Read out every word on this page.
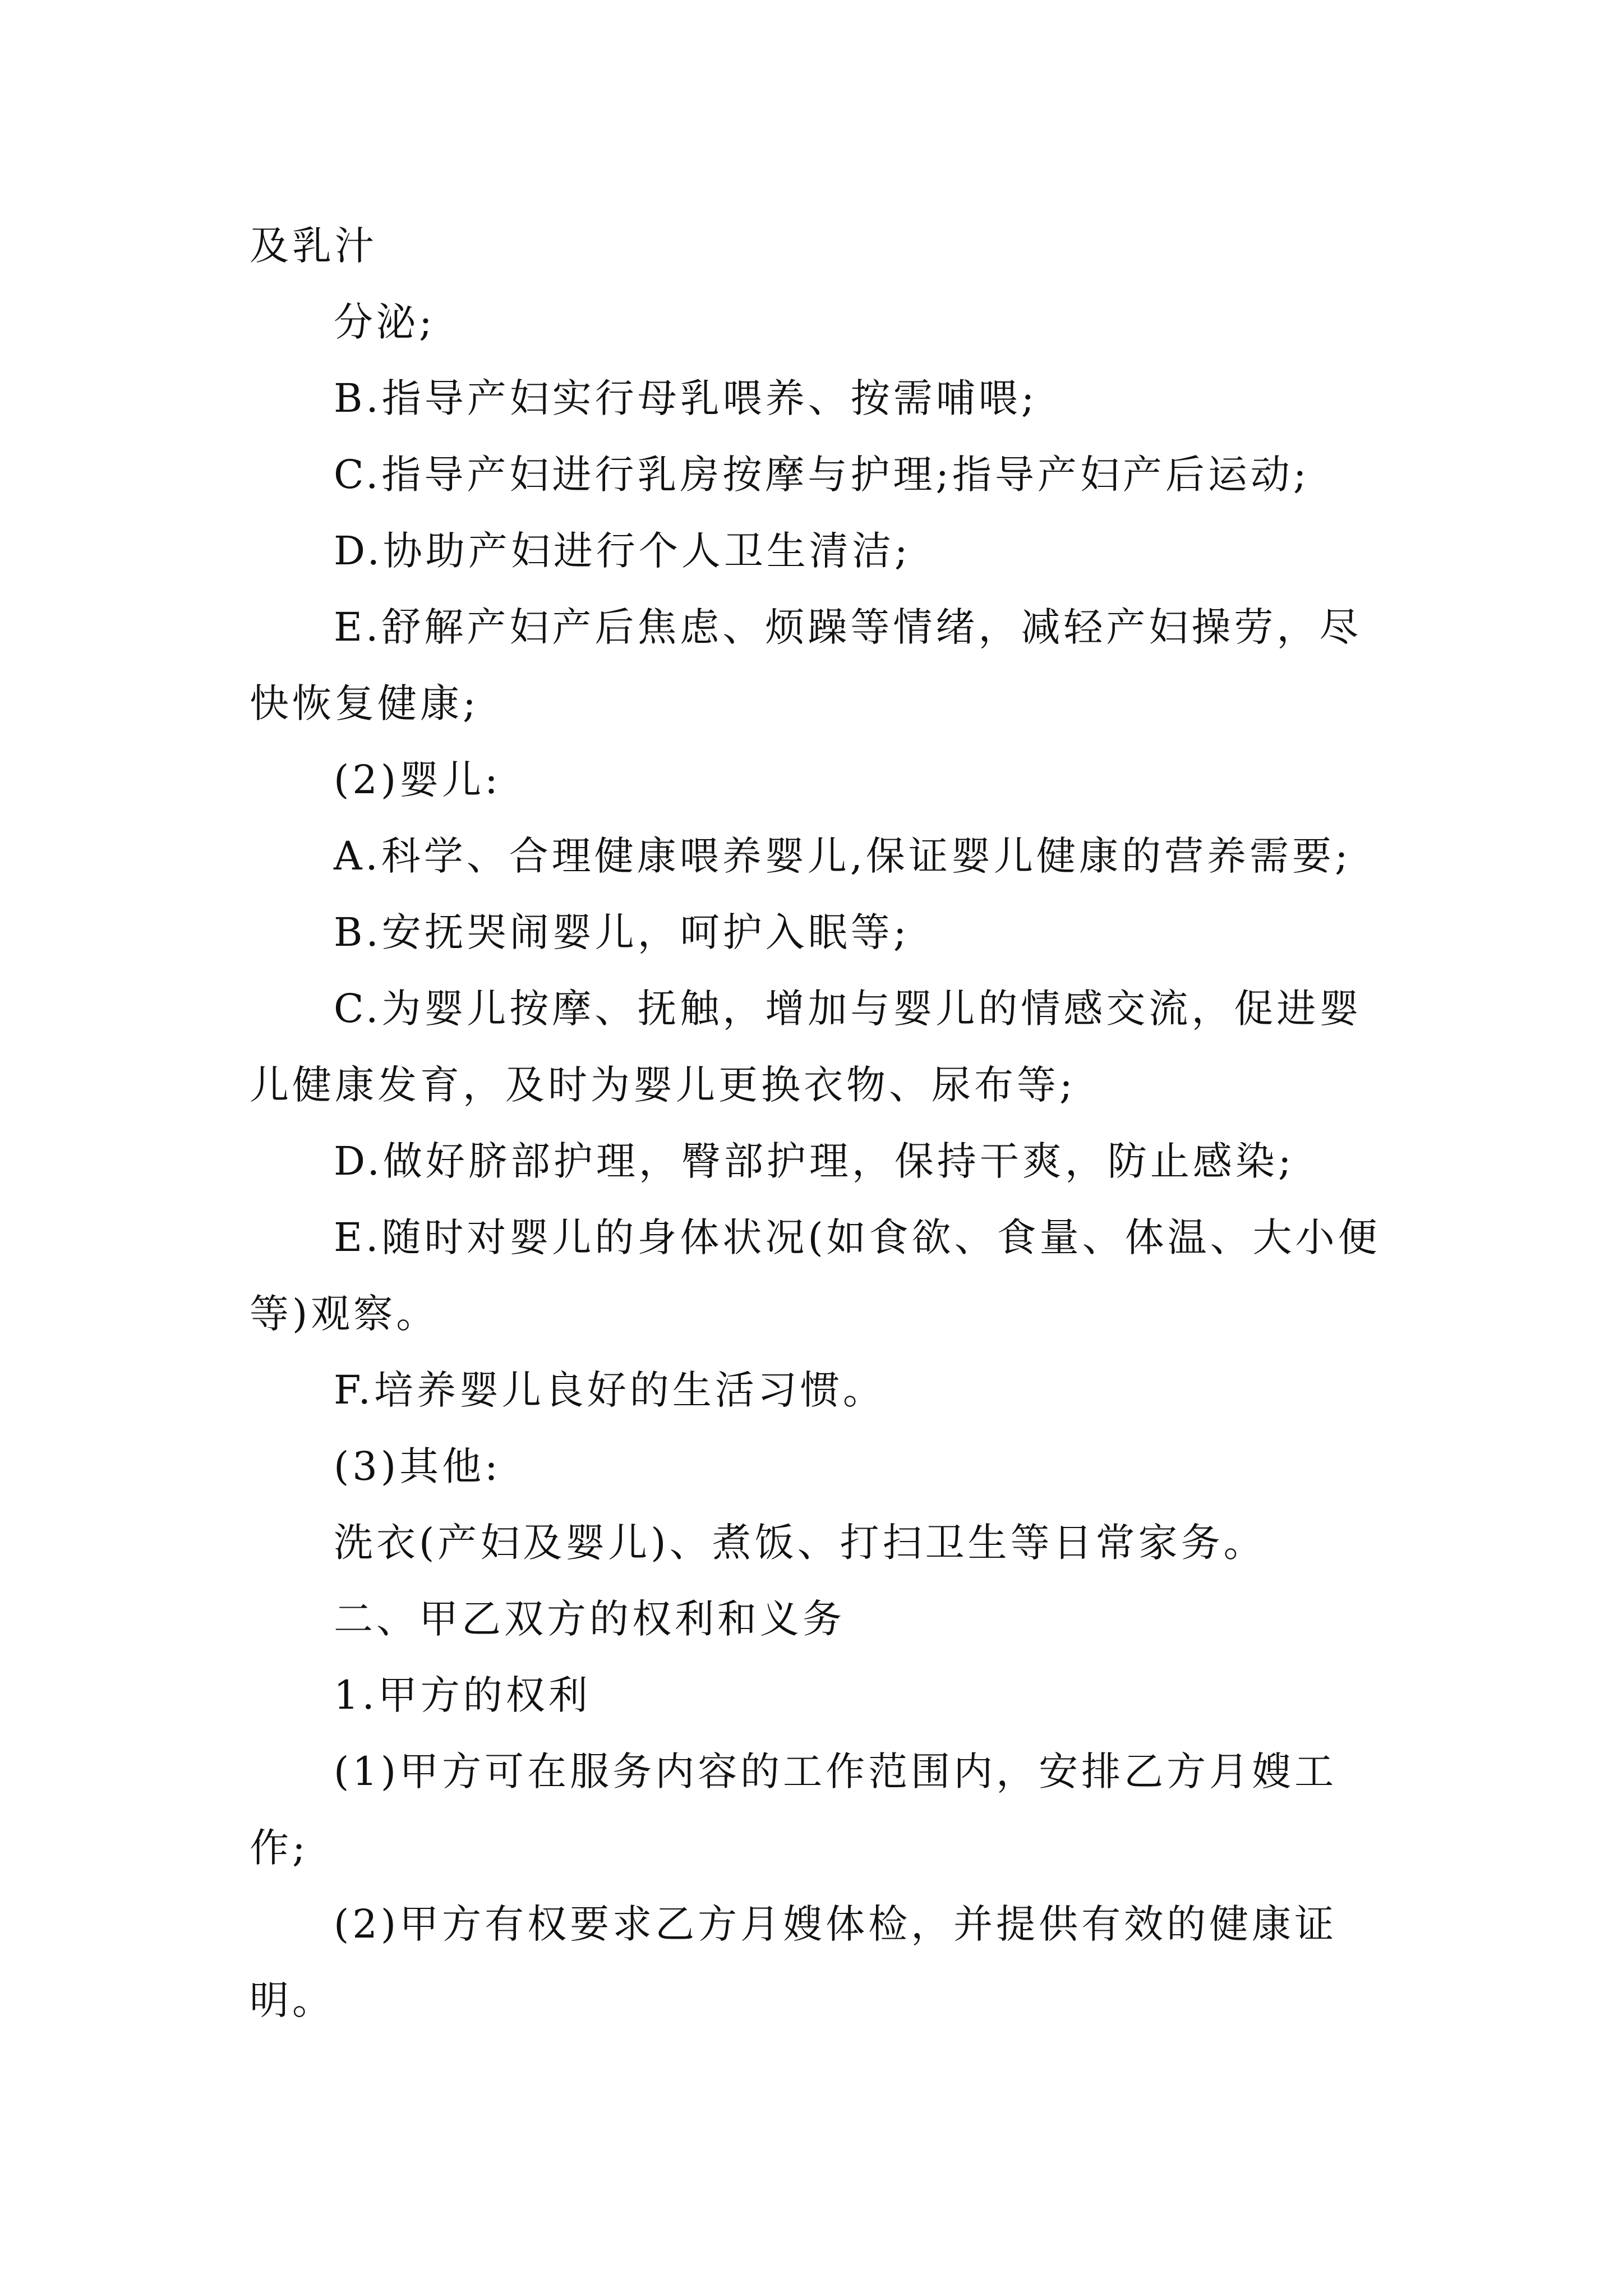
及乳汁

分泌;

B.指导产妇实行母乳喂养、按需哺喂;

C.指导产妇进行乳房按摩与护理;指导产妇产后运动;

D.协助产妇进行个人卫生清洁;

E.舒解产妇产后焦虑、烦躁等情绪，减轻产妇操劳，尽快恢复健康;

(2)婴儿:

A.科学、合理健康喂养婴儿,保证婴儿健康的营养需要;

B.安抚哭闹婴儿，呵护入眠等;

C.为婴儿按摩、抚触，增加与婴儿的情感交流，促进婴儿健康发育，及时为婴儿更换衣物、尿布等;

D.做好脐部护理，臀部护理，保持干爽，防止感染;

E.随时对婴儿的身体状况(如食欲、食量、体温、大小便等)观察。

F.培养婴儿良好的生活习惯。

(3)其他:

洗衣(产妇及婴儿)、煮饭、打扫卫生等日常家务。

二、甲乙双方的权利和义务

1.甲方的权利

(1)甲方可在服务内容的工作范围内，安排乙方月嫂工作;

(2)甲方有权要求乙方月嫂体检，并提供有效的健康证明。
